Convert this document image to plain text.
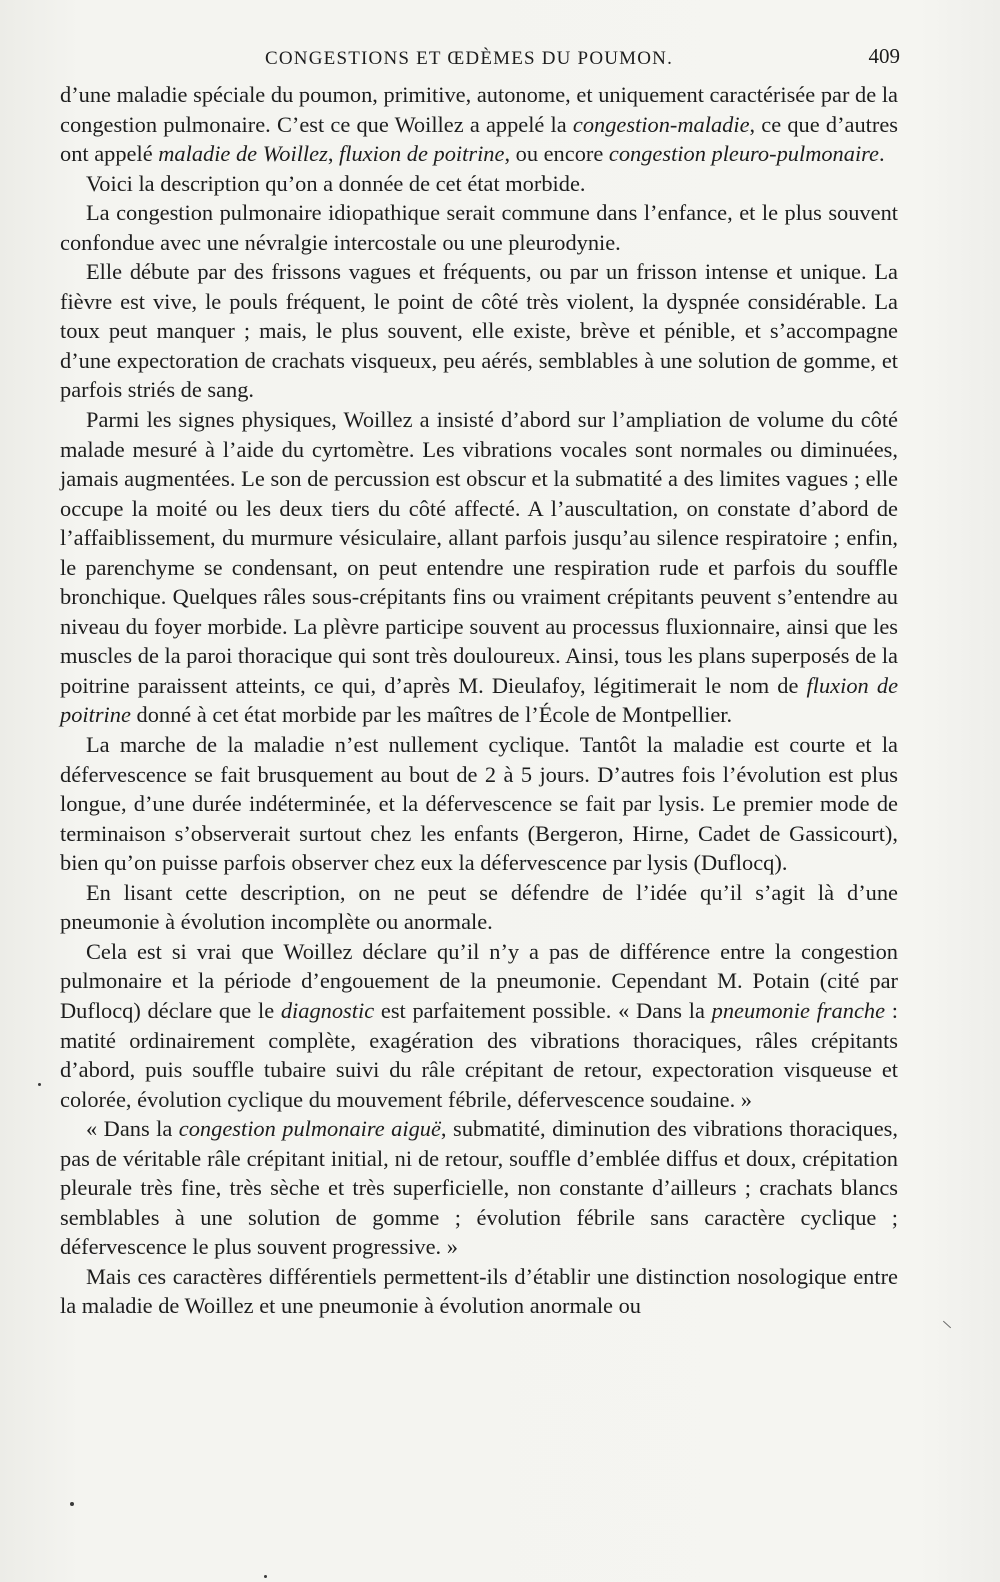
CONGESTIONS ET ŒDÈMES DU POUMON.	409

d’une maladie spéciale du poumon, primitive, autonome, et uniquement caractérisée par de la congestion pulmonaire. C’est ce que Woillez a appelé la congestion-maladie, ce que d’autres ont appelé maladie de Woillez, fluxion de poitrine, ou encore congestion pleuro-pulmonaire.

Voici la description qu’on a donnée de cet état morbide.

La congestion pulmonaire idiopathique serait commune dans l’enfance, et le plus souvent confondue avec une névralgie intercostale ou une pleurodynie.

Elle débute par des frissons vagues et fréquents, ou par un frisson intense et unique. La fièvre est vive, le pouls fréquent, le point de côté très violent, la dyspnée considérable. La toux peut manquer ; mais, le plus souvent, elle existe, brève et pénible, et s’accompagne d’une expectoration de crachats visqueux, peu aérés, semblables à une solution de gomme, et parfois striés de sang.

Parmi les signes physiques, Woillez a insisté d’abord sur l’ampliation de volume du côté malade mesuré à l’aide du cyrtomètre. Les vibrations vocales sont normales ou diminuées, jamais augmentées. Le son de percussion est obscur et la submatité a des limites vagues ; elle occupe la moité ou les deux tiers du côté affecté. A l’auscultation, on constate d’abord de l’affaiblissement, du murmure vésiculaire, allant parfois jusqu’au silence respiratoire ; enfin, le parenchyme se condensant, on peut entendre une respiration rude et parfois du souffle bronchique. Quelques râles sous-crépitants fins ou vraiment crépitants peuvent s’entendre au niveau du foyer morbide. La plèvre participe souvent au processus fluxionnaire, ainsi que les muscles de la paroi thoracique qui sont très douloureux. Ainsi, tous les plans superposés de la poitrine paraissent atteints, ce qui, d’après M. Dieulafoy, légitimerait le nom de fluxion de poitrine donné à cet état morbide par les maîtres de l’École de Montpellier.

La marche de la maladie n’est nullement cyclique. Tantôt la maladie est courte et la défervescence se fait brusquement au bout de 2 à 5 jours. D’autres fois l’évolution est plus longue, d’une durée indéterminée, et la défervescence se fait par lysis. Le premier mode de terminaison s’observerait surtout chez les enfants (Bergeron, Hirne, Cadet de Gassicourt), bien qu’on puisse parfois observer chez eux la défervescence par lysis (Duflocq).

En lisant cette description, on ne peut se défendre de l’idée qu’il s’agit là d’une pneumonie à évolution incomplète ou anormale.

Cela est si vrai que Woillez déclare qu’il n’y a pas de différence entre la congestion pulmonaire et la période d’engouement de la pneumonie. Cependant M. Potain (cité par Duflocq) déclare que le diagnostic est parfaitement possible. « Dans la pneumonie franche : matité ordinairement complète, exagération des vibrations thoraciques, râles crépitants d’abord, puis souffle tubaire suivi du râle crépitant de retour, expectoration visqueuse et colorée, évolution cyclique du mouvement fébrile, défervescence soudaine. »

« Dans la congestion pulmonaire aiguë, submatité, diminution des vibrations thoraciques, pas de véritable râle crépitant initial, ni de retour, souffle d’emblée diffus et doux, crépitation pleurale très fine, très sèche et très superficielle, non constante d’ailleurs ; crachats blancs semblables à une solution de gomme ; évolution fébrile sans caractère cyclique ; défervescence le plus souvent progressive. »

Mais ces caractères différentiels permettent-ils d’établir une distinction nosologique entre la maladie de Woillez et une pneumonie à évolution anormale ou
